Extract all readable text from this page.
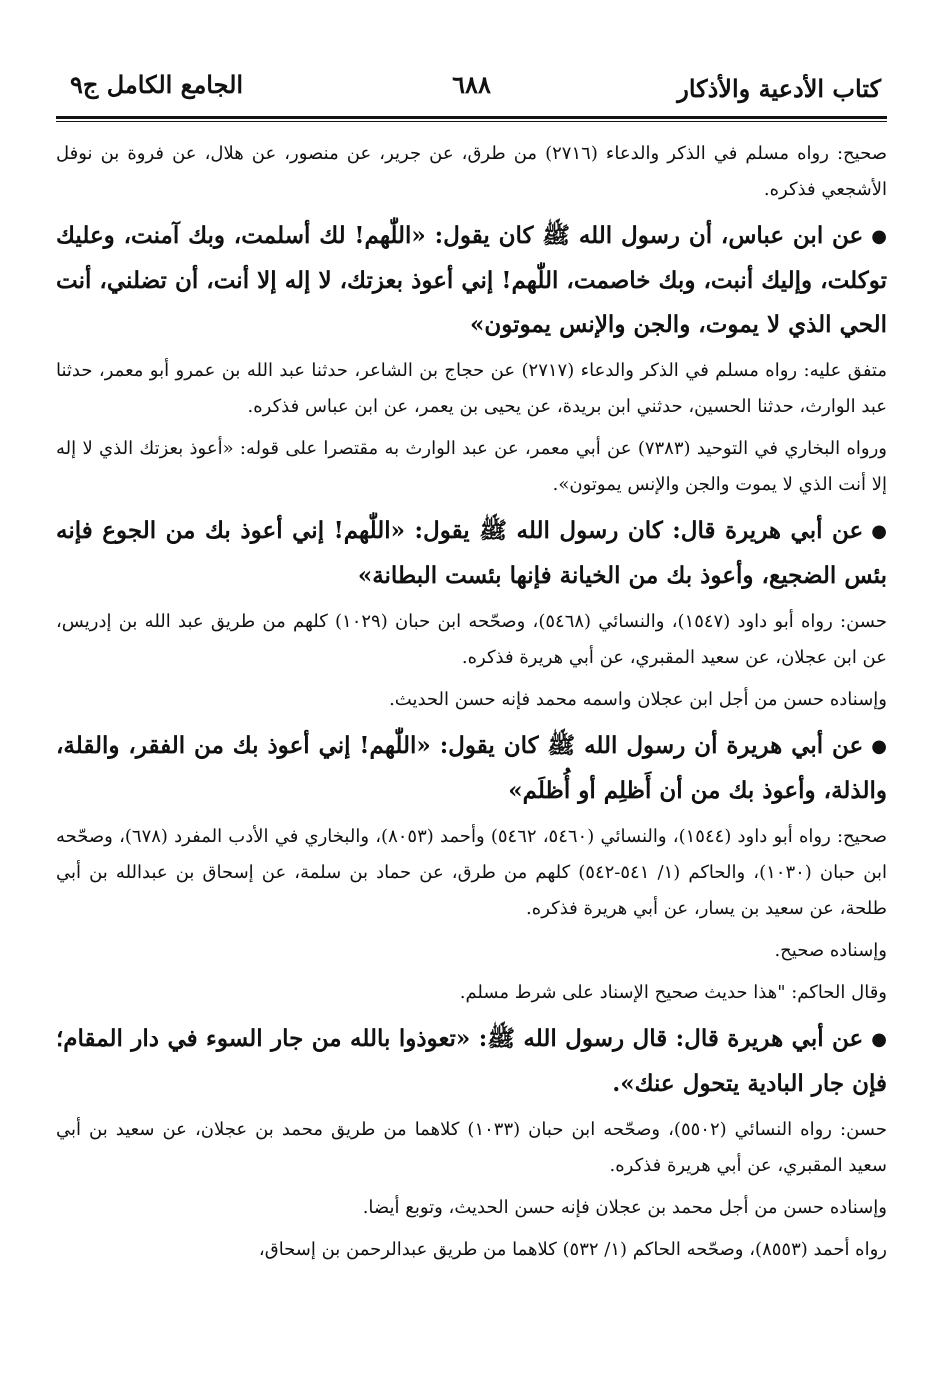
كتاب الأدعية والأذكار
٦٨٨
الجامع الكامل ج٩

صحيح: رواه مسلم في الذكر والدعاء (٢٧١٦) من طرق، عن جرير، عن منصور، عن هلال، عن فروة بن نوفل الأشجعي فذكره.

●عن ابن عباس، أن رسول الله ﷺ كان يقول: «اللّٰهم! لك أسلمت، وبك آمنت، وعليك توكلت، وإليك أنبت، وبك خاصمت، اللّٰهم! إني أعوذ بعزتك، لا إله إلا أنت، أن تضلني، أنت الحي الذي لا يموت، والجن والإنس يموتون»

متفق عليه: رواه مسلم في الذكر والدعاء (٢٧١٧) عن حجاج بن الشاعر، حدثنا عبد الله بن عمرو أبو معمر، حدثنا عبد الوارث، حدثنا الحسين، حدثني ابن بريدة، عن يحيى بن يعمر، عن ابن عباس فذكره.

ورواه البخاري في التوحيد (٧٣٨٣) عن أبي معمر، عن عبد الوارث به مقتصرا على قوله: «أعوذ بعزتك الذي لا إله إلا أنت الذي لا يموت والجن والإنس يموتون».

●عن أبي هريرة قال: كان رسول الله ﷺ يقول: «اللّٰهم! إني أعوذ بك من الجوع فإنه بئس الضجيع، وأعوذ بك من الخيانة فإنها بئست البطانة»

حسن: رواه أبو داود (١٥٤٧)، والنسائي (٥٤٦٨)، وصحّحه ابن حبان (١٠٢٩) كلهم من طريق عبد الله بن إدريس، عن ابن عجلان، عن سعيد المقبري، عن أبي هريرة فذكره.

وإسناده حسن من أجل ابن عجلان واسمه محمد فإنه حسن الحديث.

●عن أبي هريرة أن رسول الله ﷺ كان يقول: «اللّٰهم! إني أعوذ بك من الفقر، والقلة، والذلة، وأعوذ بك من أن أَظلِم أو أُظلَم»

صحيح: رواه أبو داود (١٥٤٤)، والنسائي (٥٤٦٠، ٥٤٦٢) وأحمد (٨٠٥٣)، والبخاري في الأدب المفرد (٦٧٨)، وصحّحه ابن حبان (١٠٣٠)، والحاكم (١/ ٥٤١-٥٤٢) كلهم من طرق، عن حماد بن سلمة، عن إسحاق بن عبدالله بن أبي طلحة، عن سعيد بن يسار، عن أبي هريرة فذكره.

وإسناده صحيح.

وقال الحاكم: "هذا حديث صحيح الإسناد على شرط مسلم.

●عن أبي هريرة قال: قال رسول الله ﷺ: «تعوذوا بالله من جار السوء في دار المقام؛ فإن جار البادية يتحول عنك».

حسن: رواه النسائي (٥٥٠٢)، وصحّحه ابن حبان (١٠٣٣) كلاهما من طريق محمد بن عجلان، عن سعيد بن أبي سعيد المقبري، عن أبي هريرة فذكره.

وإسناده حسن من أجل محمد بن عجلان فإنه حسن الحديث، وتوبع أيضا.

رواه أحمد (٨٥٥٣)، وصحّحه الحاكم (١/ ٥٣٢) كلاهما من طريق عبدالرحمن بن إسحاق،
